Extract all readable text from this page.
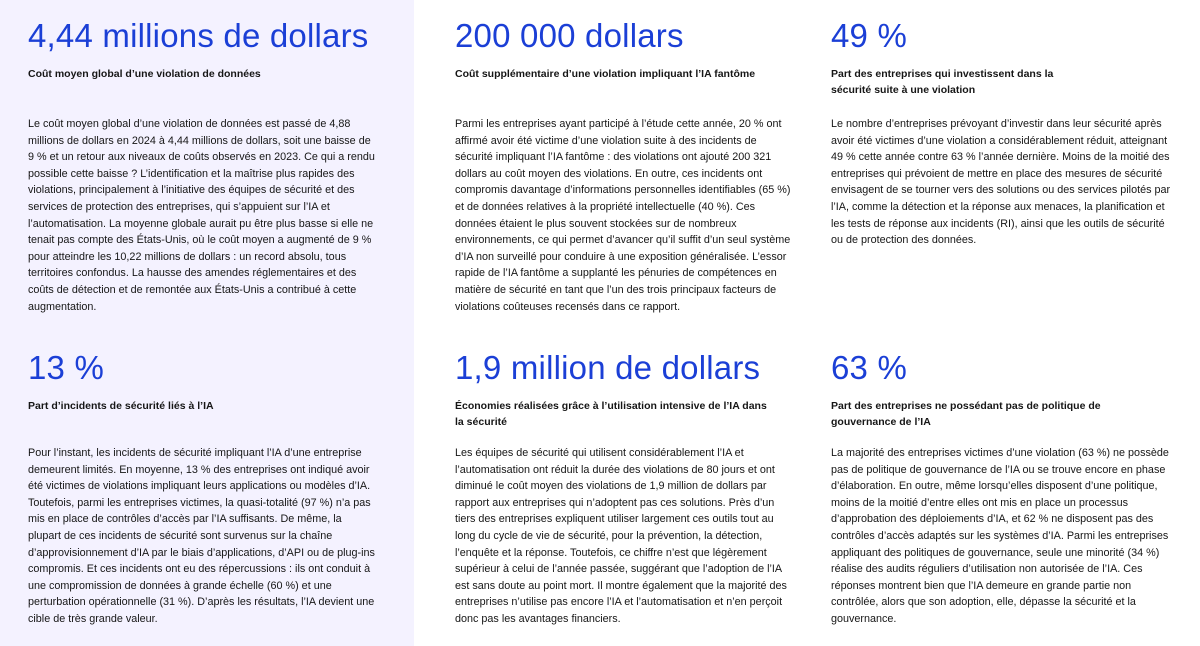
4,44 millions de dollars
Coût moyen global d’une violation de données

Le coût moyen global d’une violation de données est passé de 4,88 millions de dollars en 2024 à 4,44 millions de dollars, soit une baisse de 9 % et un retour aux niveaux de coûts observés en 2023. Ce qui a rendu possible cette baisse ? L’identification et la maîtrise plus rapides des violations, principalement à l’initiative des équipes de sécurité et des services de protection des entreprises, qui s’appuient sur l’IA et l’automatisation. La moyenne globale aurait pu être plus basse si elle ne tenait pas compte des États-Unis, où le coût moyen a augmenté de 9 % pour atteindre les 10,22 millions de dollars : un record absolu, tous territoires confondus. La hausse des amendes réglementaires et des coûts de détection et de remontée aux États-Unis a contribué à cette augmentation.

200 000 dollars
Coût supplémentaire d’une violation impliquant l’IA fantôme

Parmi les entreprises ayant participé à l’étude cette année, 20 % ont affirmé avoir été victime d’une violation suite à des incidents de sécurité impliquant l’IA fantôme : des violations ont ajouté 200 321 dollars au coût moyen des violations. En outre, ces incidents ont compromis davantage d’informations personnelles identifiables (65 %) et de données relatives à la propriété intellectuelle (40 %). Ces données étaient le plus souvent stockées sur de nombreux environnements, ce qui permet d’avancer qu’il suffit d’un seul système d’IA non surveillé pour conduire à une exposition généralisée. L’essor rapide de l’IA fantôme a supplanté les pénuries de compétences en matière de sécurité en tant que l’un des trois principaux facteurs de violations coûteuses recensés dans ce rapport.

49 %
Part des entreprises qui investissent dans la sécurité suite à une violation

Le nombre d’entreprises prévoyant d’investir dans leur sécurité après avoir été victimes d’une violation a considérablement réduit, atteignant 49 % cette année contre 63 % l’année dernière. Moins de la moitié des entreprises qui prévoient de mettre en place des mesures de sécurité envisagent de se tourner vers des solutions ou des services pilotés par l’IA, comme la détection et la réponse aux menaces, la planification et les tests de réponse aux incidents (RI), ainsi que les outils de sécurité ou de protection des données.

13 %
Part d’incidents de sécurité liés à l’IA

Pour l’instant, les incidents de sécurité impliquant l’IA d’une entreprise demeurent limités. En moyenne, 13 % des entreprises ont indiqué avoir été victimes de violations impliquant leurs applications ou modèles d’IA. Toutefois, parmi les entreprises victimes, la quasi-totalité (97 %) n’a pas mis en place de contrôles d’accès par l’IA suffisants. De même, la plupart de ces incidents de sécurité sont survenus sur la chaîne d’approvisionnement d’IA par le biais d’applications, d’API ou de plug-ins compromis. Et ces incidents ont eu des répercussions : ils ont conduit à une compromission de données à grande échelle (60 %) et une perturbation opérationnelle (31 %). D’après les résultats, l’IA devient une cible de très grande valeur.

1,9 million de dollars
Économies réalisées grâce à l’utilisation intensive de l’IA dans la sécurité

Les équipes de sécurité qui utilisent considérablement l’IA et l’automatisation ont réduit la durée des violations de 80 jours et ont diminué le coût moyen des violations de 1,9 million de dollars par rapport aux entreprises qui n’adoptent pas ces solutions. Près d’un tiers des entreprises expliquent utiliser largement ces outils tout au long du cycle de vie de sécurité, pour la prévention, la détection, l’enquête et la réponse. Toutefois, ce chiffre n’est que légèrement supérieur à celui de l’année passée, suggérant que l’adoption de l’IA est sans doute au point mort. Il montre également que la majorité des entreprises n’utilise pas encore l’IA et l’automatisation et n’en perçoit donc pas les avantages financiers.

63 %
Part des entreprises ne possédant pas de politique de gouvernance de l’IA

La majorité des entreprises victimes d’une violation (63 %) ne possède pas de politique de gouvernance de l’IA ou se trouve encore en phase d’élaboration. En outre, même lorsqu’elles disposent d’une politique, moins de la moitié d’entre elles ont mis en place un processus d’approbation des déploiements d’IA, et 62 % ne disposent pas des contrôles d’accès adaptés sur les systèmes d’IA. Parmi les entreprises appliquant des politiques de gouvernance, seule une minorité (34 %) réalise des audits réguliers d’utilisation non autorisée de l’IA. Ces réponses montrent bien que l’IA demeure en grande partie non contrôlée, alors que son adoption, elle, dépasse la sécurité et la gouvernance.
